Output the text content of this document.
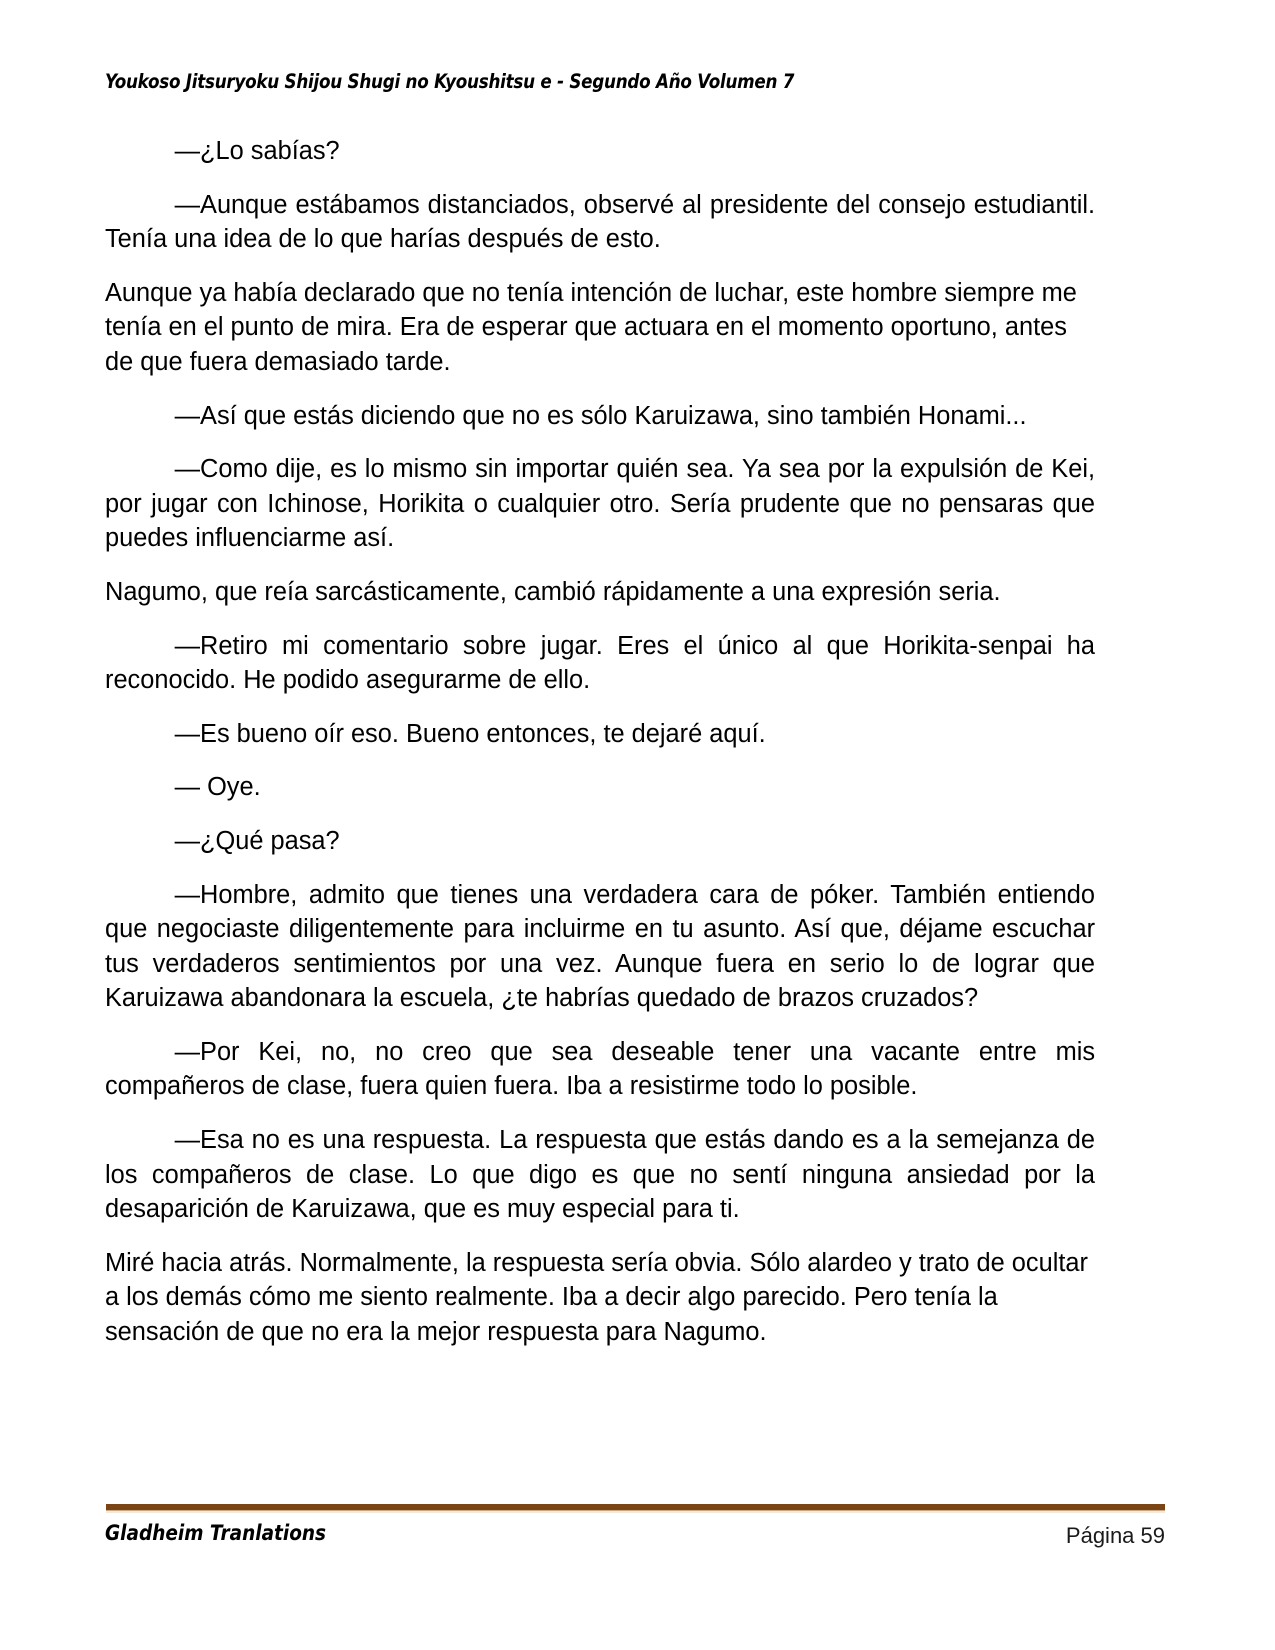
Youkoso Jitsuryoku Shijou Shugi no Kyoushitsu e - Segundo Año Volumen 7

—¿Lo sabías?

—Aunque estábamos distanciados, observé al presidente del consejo estudiantil. Tenía una idea de lo que harías después de esto.

Aunque ya había declarado que no tenía intención de luchar, este hombre siempre me tenía en el punto de mira. Era de esperar que actuara en el momento oportuno, antes de que fuera demasiado tarde.

—Así que estás diciendo que no es sólo Karuizawa, sino también Honami...

—Como dije, es lo mismo sin importar quién sea. Ya sea por la expulsión de Kei, por jugar con Ichinose, Horikita o cualquier otro. Sería prudente que no pensaras que puedes influenciarme así.

Nagumo, que reía sarcásticamente, cambió rápidamente a una expresión seria.

—Retiro mi comentario sobre jugar. Eres el único al que Horikita-senpai ha reconocido. He podido asegurarme de ello.

—Es bueno oír eso. Bueno entonces, te dejaré aquí.

— Oye.

—¿Qué pasa?

—Hombre, admito que tienes una verdadera cara de póker. También entiendo que negociaste diligentemente para incluirme en tu asunto. Así que, déjame escuchar tus verdaderos sentimientos por una vez. Aunque fuera en serio lo de lograr que Karuizawa abandonara la escuela, ¿te habrías quedado de brazos cruzados?

—Por Kei, no, no creo que sea deseable tener una vacante entre mis compañeros de clase, fuera quien fuera. Iba a resistirme todo lo posible.

—Esa no es una respuesta. La respuesta que estás dando es a la semejanza de los compañeros de clase. Lo que digo es que no sentí ninguna ansiedad por la desaparición de Karuizawa, que es muy especial para ti.

Miré hacia atrás. Normalmente, la respuesta sería obvia. Sólo alardeo y trato de ocultar a los demás cómo me siento realmente. Iba a decir algo parecido. Pero tenía la sensación de que no era la mejor respuesta para Nagumo.

Gladheim Tranlations	Página 59
